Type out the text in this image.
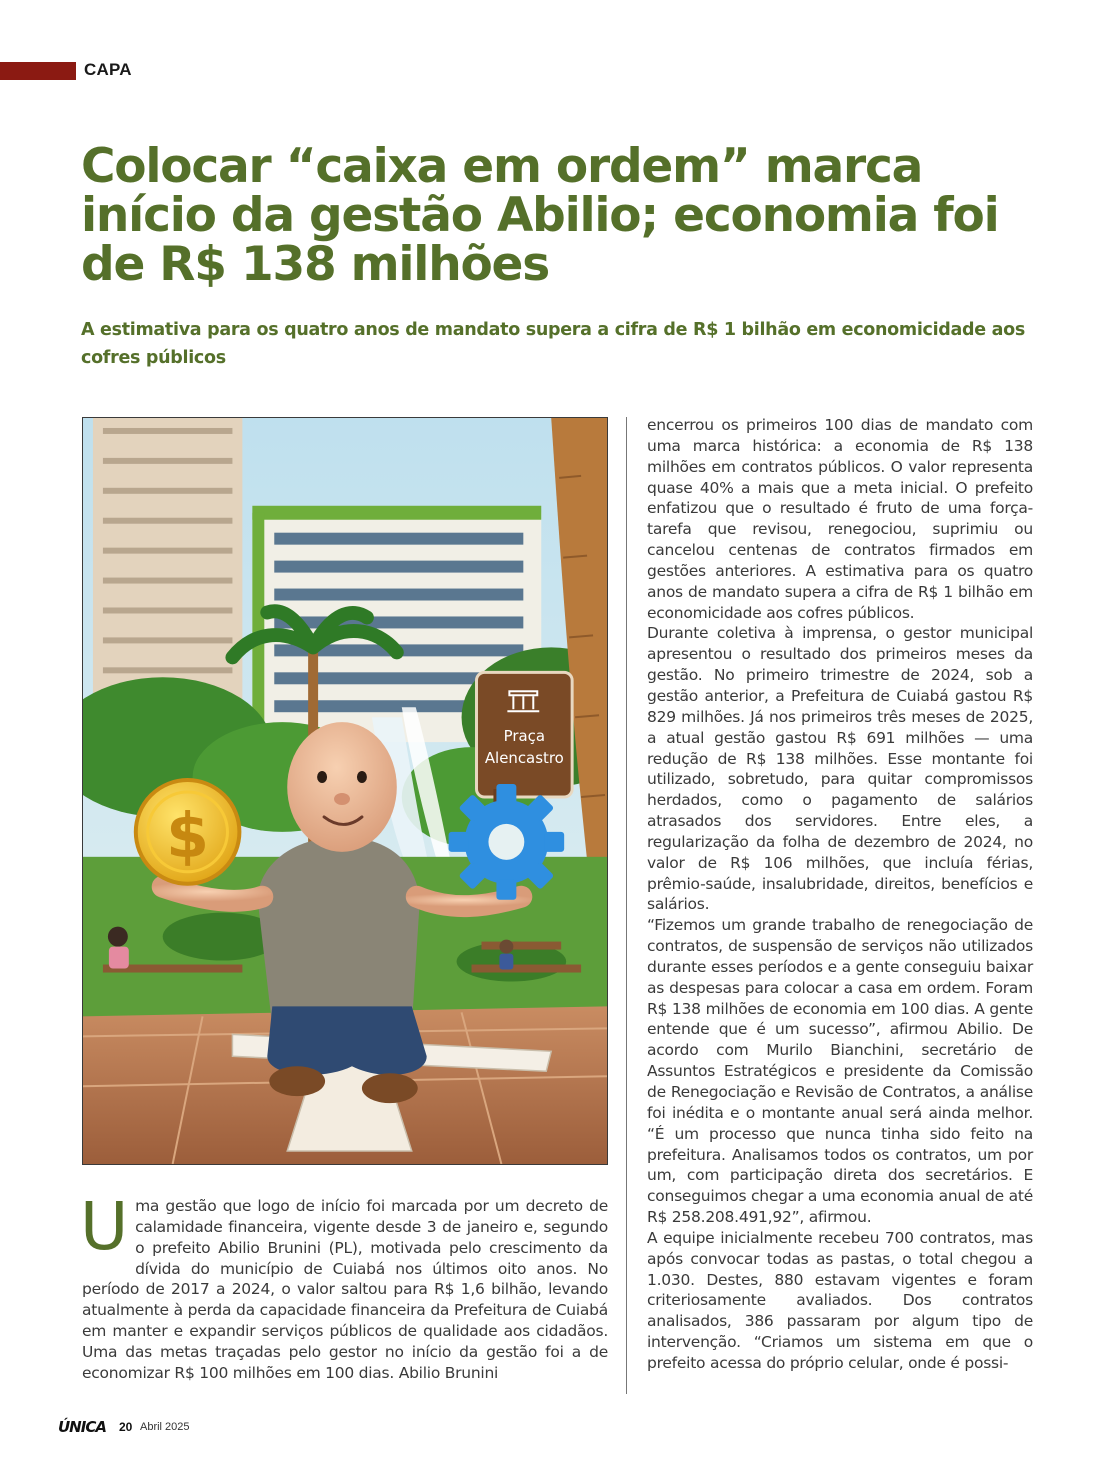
CAPA
Colocar “caixa em ordem” marca início da gestão Abilio; economia foi de R$ 138 milhões

A estimativa para os quatro anos de mandato supera a cifra de R$ 1 bilhão em economicidade aos cofres públicos

Praça
Alencastro
$
Uma gestão que logo de início foi marcada por um decreto de calamidade financeira, vigente desde 3 de janeiro e, segundo o prefeito Abilio Brunini (PL), motivada pelo crescimento da dívida do município de Cuiabá nos últimos oito anos. No período de 2017 a 2024, o valor saltou para R$ 1,6 bilhão, levando atualmente à perda da capacidade financeira da Prefeitura de Cuiabá em manter e expandir serviços públicos de qualidade aos cidadãos. Uma das metas traçadas pelo gestor no início da gestão foi a de economizar R$ 100 milhões em 100 dias. Abilio Brunini

encerrou os primeiros 100 dias de mandato com uma marca histórica: a economia de R$ 138 milhões em contratos públicos. O valor representa quase 40% a mais que a meta inicial. O prefeito enfatizou que o resultado é fruto de uma força-tarefa que revisou, renegociou, suprimiu ou cancelou centenas de contratos firmados em gestões anteriores. A estimativa para os quatro anos de mandato supera a cifra de R$ 1 bilhão em economicidade aos cofres públicos.

Durante coletiva à imprensa, o gestor municipal apresentou o resultado dos primeiros meses da gestão. No primeiro trimestre de 2024, sob a gestão anterior, a Prefeitura de Cuiabá gastou R$ 829 milhões. Já nos primeiros três meses de 2025, a atual gestão gastou R$ 691 milhões — uma redução de R$ 138 milhões. Esse montante foi utilizado, sobretudo, para quitar compromissos herdados, como o pagamento de salários atrasados dos servidores. Entre eles, a regularização da folha de dezembro de 2024, no valor de R$ 106 milhões, que incluía férias, prêmio-saúde, insalubridade, direitos, benefícios e salários.

“Fizemos um grande trabalho de renegociação de contratos, de suspensão de serviços não utilizados durante esses períodos e a gente conseguiu baixar as despesas para colocar a casa em ordem. Foram R$ 138 milhões de economia em 100 dias. A gente entende que é um sucesso”, afirmou Abilio. De acordo com Murilo Bianchini, secretário de Assuntos Estratégicos e presidente da Comissão de Renegociação e Revisão de Contratos, a análise foi inédita e o montante anual será ainda melhor. “É um processo que nunca tinha sido feito na prefeitura. Analisamos todos os contratos, um por um, com participação direta dos secretários. E conseguimos chegar a uma economia anual de até R$ 258.208.491,92”, afirmou.

A equipe inicialmente recebeu 700 contratos, mas após convocar todas as pastas, o total chegou a 1.030. Destes, 880 estavam vigentes e foram criteriosamente avaliados. Dos contratos analisados, 386 passaram por algum tipo de intervenção. “Criamos um sistema em que o prefeito acessa do próprio celular, onde é possi-

ÚNICA 20 Abril 2025
